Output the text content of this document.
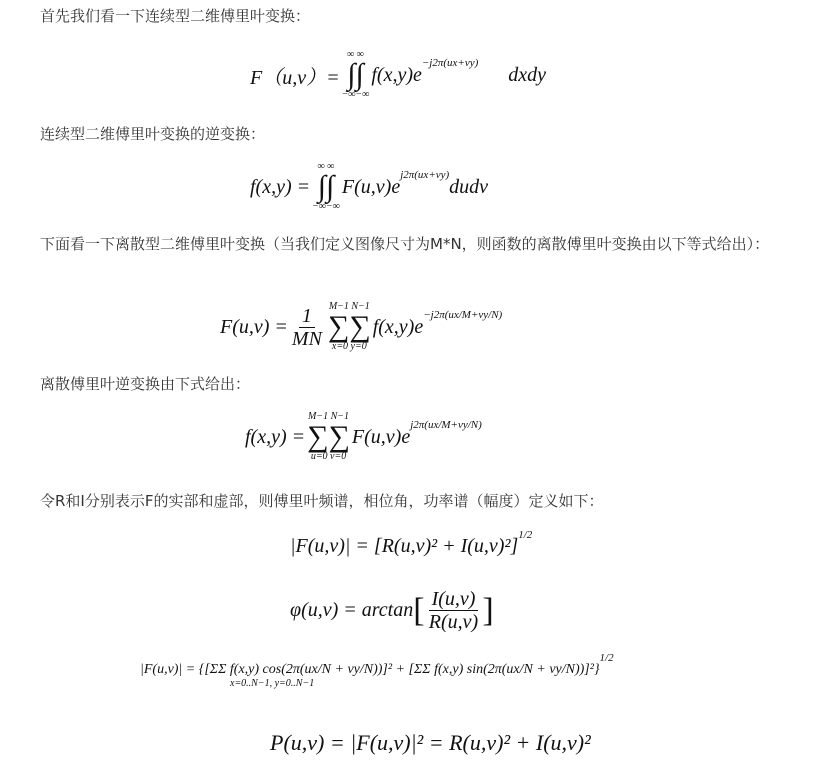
首先我们看一下连续型二维傅里叶变换：
F（u,v）=
∞ ∞
∫∫
−∞−∞
f(x,y)e
−j2π(ux+vy)
dxdy
连续型二维傅里叶变换的逆变换：
f(x,y) =
∞ ∞
∫∫
−∞−∞
F(u,v)e
j2π(ux+vy)
dudv
下面看一下离散型二维傅里叶变换（当我们定义图像尺寸为M*N，则函数的离散傅里叶变换由以下等式给出）：
$F(u,v) = \frac{1}{MN} M-1$ N−1
∑∑
x=0 y=0
f(x,y)e
−j2π(ux/M+vy/N)
离散傅里叶逆变换由下式给出：
f(x,y) =
M−1 N−1
∑∑
u=0 v=0
F(u,v)e
j2π(ux/M+vy/N)
令R和I分别表示F的实部和虚部，则傅里叶频谱，相位角，功率谱（幅度）定义如下：
|F(u,v)| = [R(u,v)² + I(u,v)²]
1/2
φ(u,v) = arctan [ $\frac{I(u,v)}{R(u,v)}$ ]
|F(u,v)| = {[ΣΣ f(x,y) cos(2π(ux/N + vy/N))]² + [ΣΣ f(x,y) sin(2π(ux/N + vy/N))]²}$^{1/2}$
x=0..N−1, y=0..N−1
P(u,v) = |F(u,v)|² = R(u,v)² + I(u,v)²
